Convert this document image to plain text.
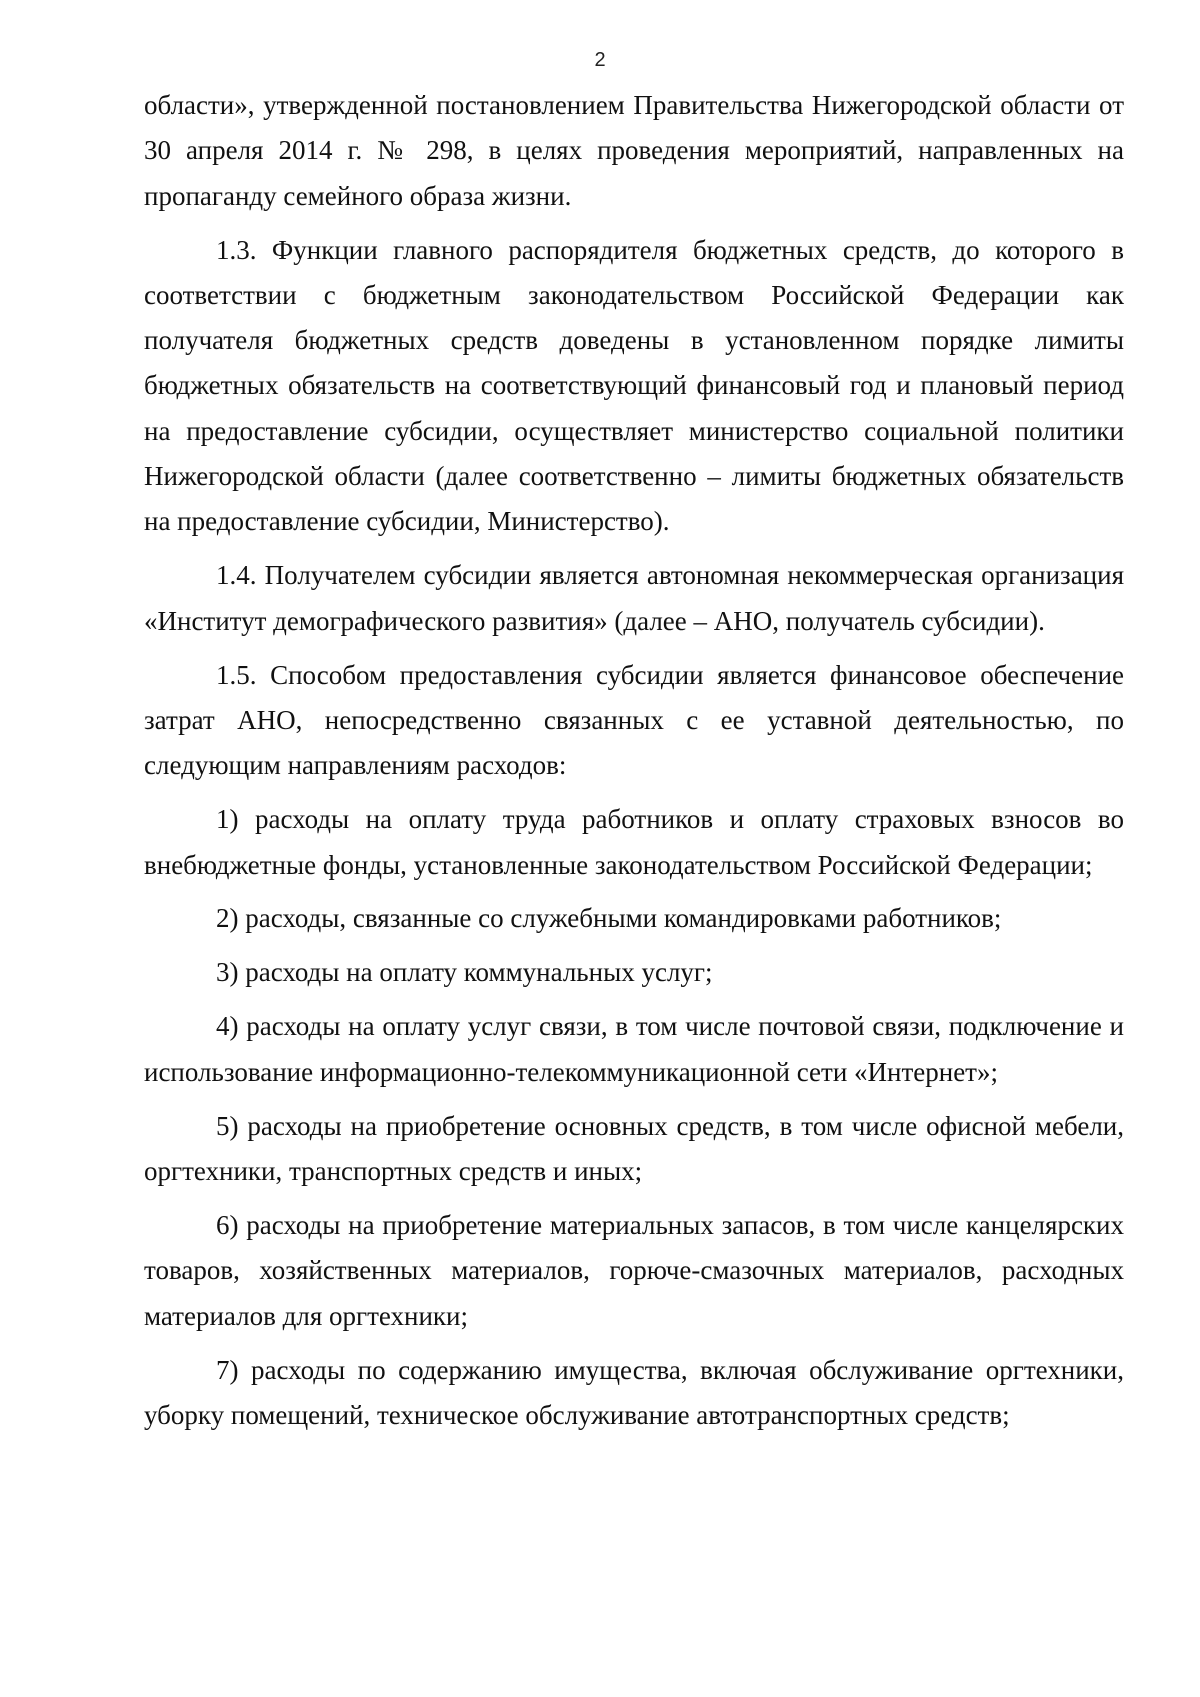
2

области», утвержденной постановлением Правительства Нижегородской области от 30 апреля 2014 г. № 298, в целях проведения мероприятий, направленных на пропаганду семейного образа жизни.

1.3. Функции главного распорядителя бюджетных средств, до которого в соответствии с бюджетным законодательством Российской Федерации как получателя бюджетных средств доведены в установленном порядке лимиты бюджетных обязательств на соответствующий финансовый год и плановый период на предоставление субсидии, осуществляет министерство социальной политики Нижегородской области (далее соответственно – лимиты бюджетных обязательств на предоставление субсидии, Министерство).

1.4. Получателем субсидии является автономная некоммерческая организация «Институт демографического развития» (далее – АНО, получатель субсидии).

1.5. Способом предоставления субсидии является финансовое обеспечение затрат АНО, непосредственно связанных с ее уставной деятельностью, по следующим направлениям расходов:

1) расходы на оплату труда работников и оплату страховых взносов во внебюджетные фонды, установленные законодательством Российской Федерации;

2) расходы, связанные со служебными командировками работников;

3) расходы на оплату коммунальных услуг;

4) расходы на оплату услуг связи, в том числе почтовой связи, подключение и использование информационно-телекоммуникационной сети «Интернет»;

5) расходы на приобретение основных средств, в том числе офисной мебели, оргтехники, транспортных средств и иных;

6) расходы на приобретение материальных запасов, в том числе канцелярских товаров, хозяйственных материалов, горюче-смазочных материалов, расходных материалов для оргтехники;

7) расходы по содержанию имущества, включая обслуживание оргтехники, уборку помещений, техническое обслуживание автотранспортных средств;
